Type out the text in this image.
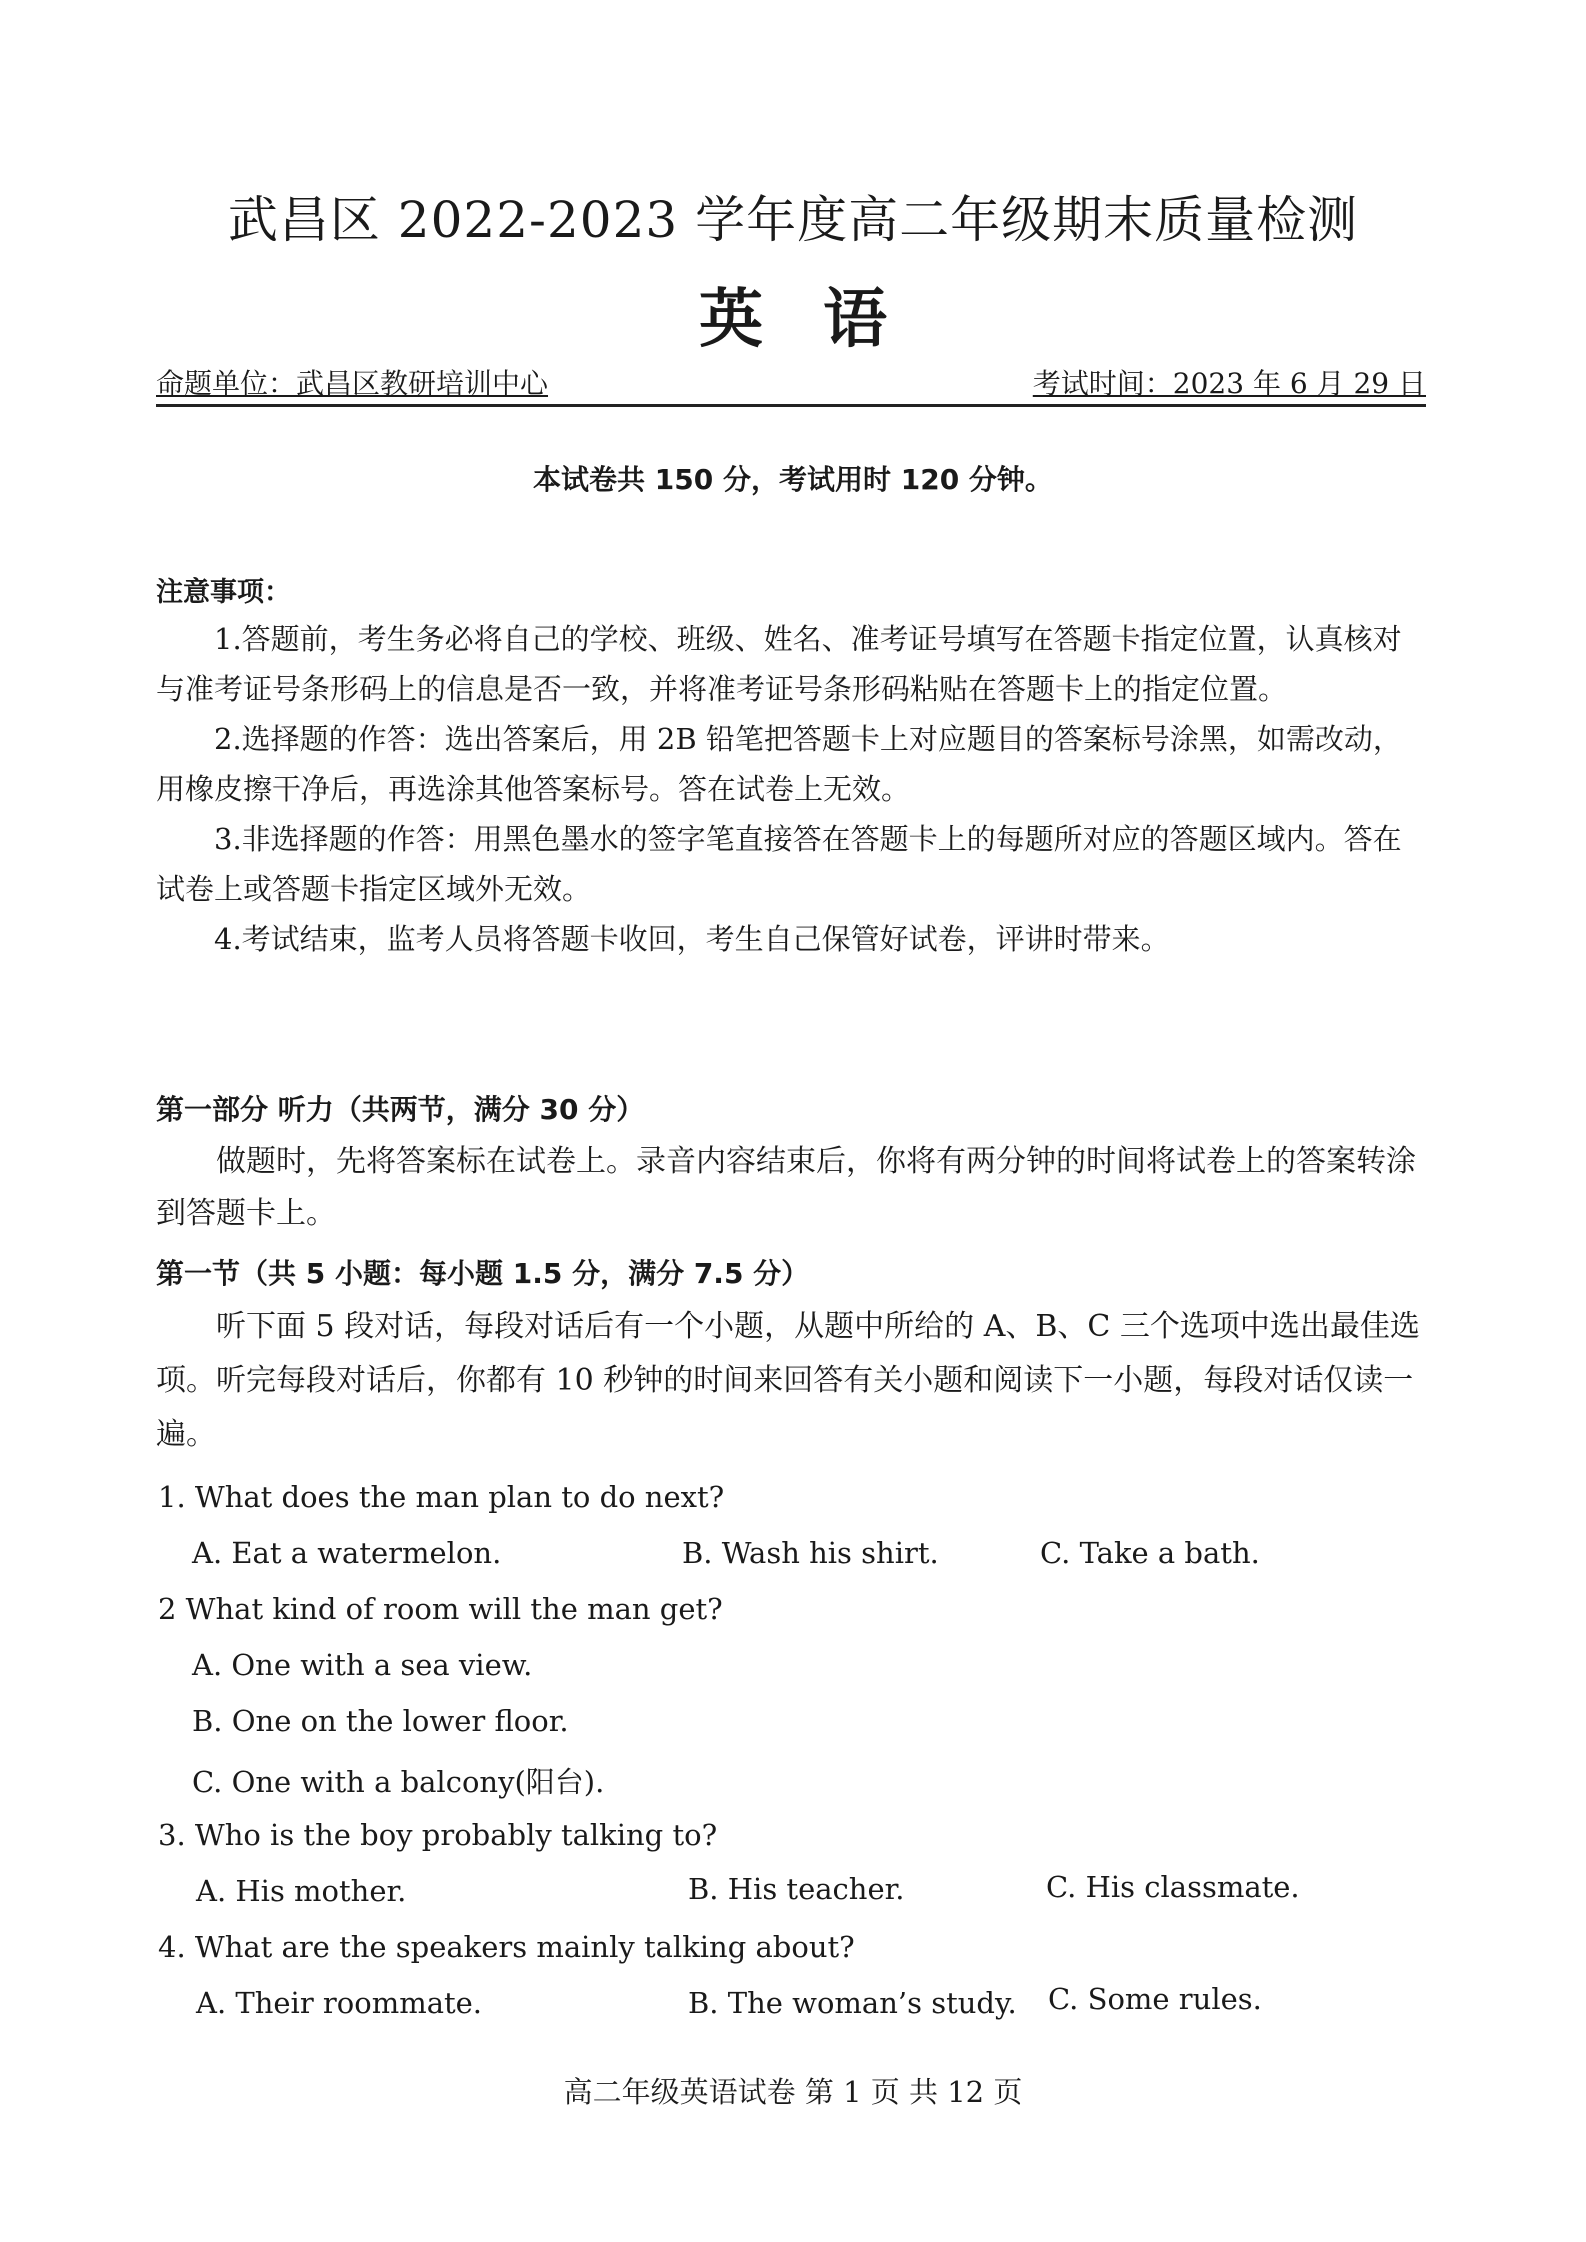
武昌区 2022-2023 学年度高二年级期末质量检测
英语
命题单位：武昌区教研培训中心	考试时间：2023 年 6 月 29 日
本试卷共 150 分，考试用时 120 分钟。
注意事项：

1.答题前，考生务必将自己的学校、班级、姓名、准考证号填写在答题卡指定位置，认真核对与准考证号条形码上的信息是否一致，并将准考证号条形码粘贴在答题卡上的指定位置。

2.选择题的作答：选出答案后，用 2B 铅笔把答题卡上对应题目的答案标号涂黑，如需改动，用橡皮擦干净后，再选涂其他答案标号。答在试卷上无效。

3.非选择题的作答：用黑色墨水的签字笔直接答在答题卡上的每题所对应的答题区域内。答在试卷上或答题卡指定区域外无效。

4.考试结束，监考人员将答题卡收回，考生自己保管好试卷，评讲时带来。

第一部分 听力（共两节，满分 30 分）

做题时，先将答案标在试卷上。录音内容结束后，你将有两分钟的时间将试卷上的答案转涂到答题卡上。

第一节（共 5 小题：每小题 1.5 分，满分 7.5 分）

听下面 5 段对话，每段对话后有一个小题，从题中所给的 A、B、C 三个选项中选出最佳选项。听完每段对话后，你都有 10 秒钟的时间来回答有关小题和阅读下一小题，每段对话仅读一遍。

1. What does the man plan to do next?
A. Eat a watermelon.	B. Wash his shirt.	C. Take a bath.
2 What kind of room will the man get?
A. One with a sea view.
B. One on the lower floor.
C. One with a balcony(阳台).
3. Who is the boy probably talking to?
A. His mother.	B. His teacher.	C. His classmate.
4. What are the speakers mainly talking about?
A. Their roommate.	B. The woman’s study. C. Some rules.
高二年级英语试卷 第 1 页 共 12 页
